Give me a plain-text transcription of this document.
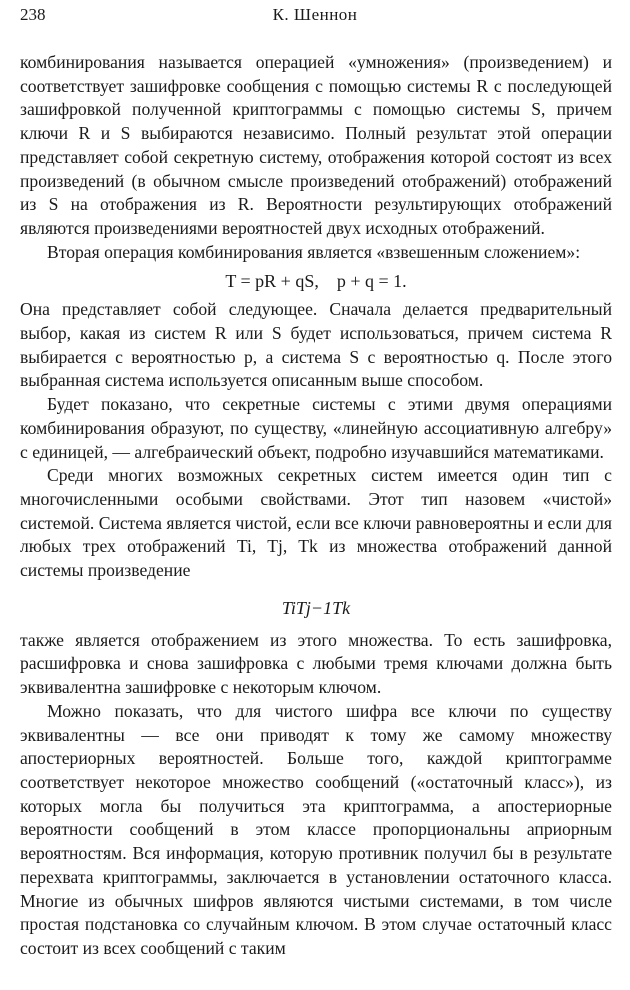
238	К. Шеннон

комбинирования называется операцией «умножения» (произведением) и соответствует зашифровке сообщения с помощью системы R с последующей зашифровкой полученной криптограммы с помощью системы S, причем ключи R и S выбираются независимо. Полный результат этой операции представляет собой секретную систему, отображения которой состоят из всех произведений (в обычном смысле произведений отображений) отображений из S на отображения из R. Вероятности результирующих отображений являются произведениями вероятностей двух исходных отображений.

Вторая операция комбинирования является «взвешенным сложением»:

T = pR + qS,    p + q = 1.

Она представляет собой следующее. Сначала делается предварительный выбор, какая из систем R или S будет использоваться, причем система R выбирается с вероятностью p, а система S с вероятностью q. После этого выбранная система используется описанным выше способом.

Будет показано, что секретные системы с этими двумя операциями комбинирования образуют, по существу, «линейную ассоциативную алгебру» с единицей, — алгебраический объект, подробно изучавшийся математиками.

Среди многих возможных секретных систем имеется один тип с многочисленными особыми свойствами. Этот тип назовем «чистой» системой. Система является чистой, если все ключи равновероятны и если для любых трех отображений Ti, Tj, Tk из множества отображений данной системы произведение

TiTj−1Tk

также является отображением из этого множества. То есть зашифровка, расшифровка и снова зашифровка с любыми тремя ключами должна быть эквивалентна зашифровке с некоторым ключом.

Можно показать, что для чистого шифра все ключи по существу эквивалентны — все они приводят к тому же самому множеству апостериорных вероятностей. Больше того, каждой криптограмме соответствует некоторое множество сообщений («остаточный класс»), из которых могла бы получиться эта криптограмма, а апостериорные вероятности сообщений в этом классе пропорциональны априорным вероятностям. Вся информация, которую противник получил бы в результате перехвата криптограммы, заключается в установлении остаточного класса. Многие из обычных шифров являются чистыми системами, в том числе простая подстановка со случайным ключом. В этом случае остаточный класс состоит из всех сообщений с таким
